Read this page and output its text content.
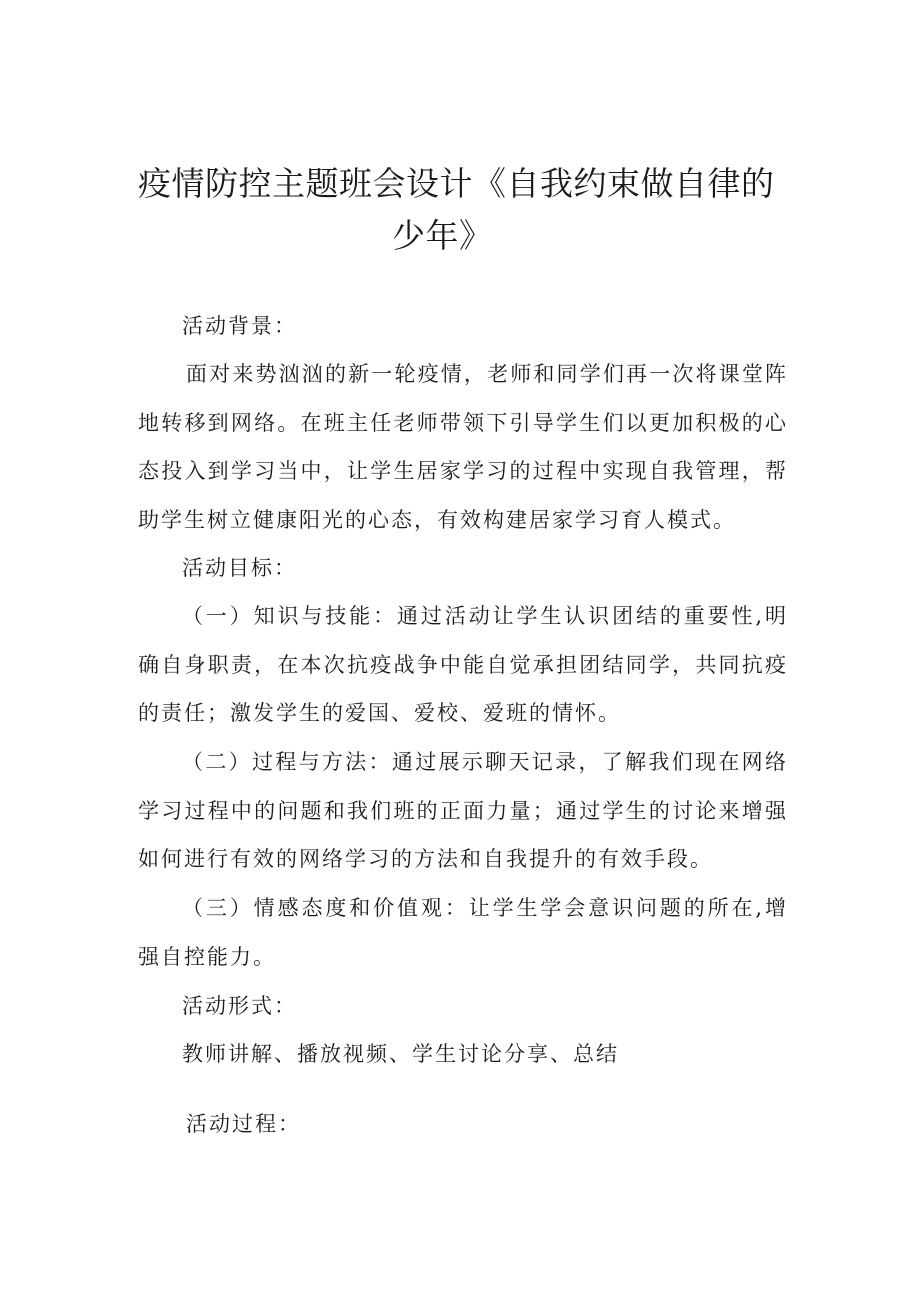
疫情防控主题班会设计《自我约束做自律的
少年》

活动背景：

面对来势汹汹的新一轮疫情，老师和同学们再一次将课堂阵地转移到网络。在班主任老师带领下引导学生们以更加积极的心态投入到学习当中，让学生居家学习的过程中实现自我管理，帮助学生树立健康阳光的心态，有效构建居家学习育人模式。

活动目标：

（一）知识与技能：通过活动让学生认识团结的重要性,明确自身职责，在本次抗疫战争中能自觉承担团结同学，共同抗疫的责任；激发学生的爱国、爱校、爱班的情怀。

（二）过程与方法：通过展示聊天记录，了解我们现在网络学习过程中的问题和我们班的正面力量；通过学生的讨论来增强如何进行有效的网络学习的方法和自我提升的有效手段。

（三）情感态度和价值观：让学生学会意识问题的所在,增强自控能力。

活动形式：

教师讲解、播放视频、学生讨论分享、总结

活动过程：
